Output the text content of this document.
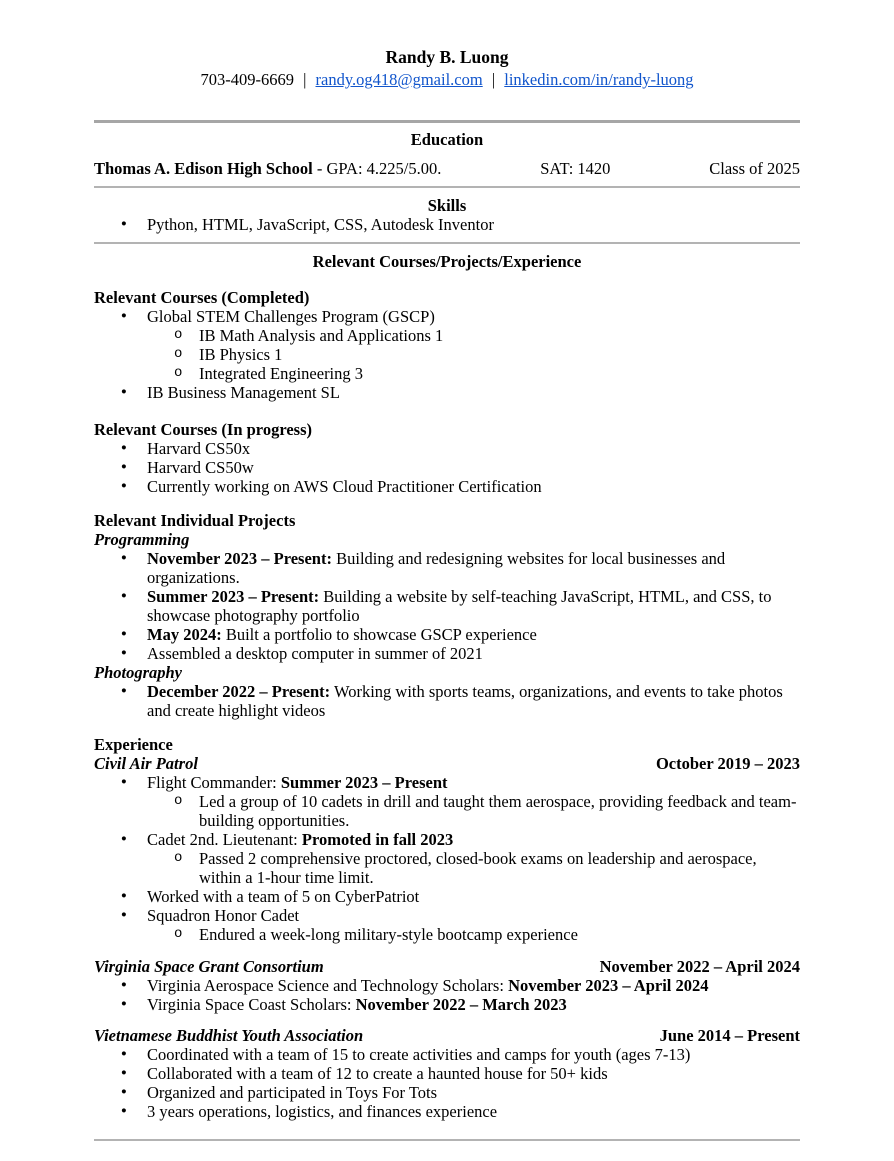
Randy B. Luong
703-409-6669 | randy.og418@gmail.com | linkedin.com/in/randy-luong
Education
Thomas A. Edison High School - GPA: 4.225/5.00.	SAT: 1420	Class of 2025
Skills
● Python, HTML, JavaScript, CSS, Autodesk Inventor
Relevant Courses/Projects/Experience
Relevant Courses (Completed)
● Global STEM Challenges Program (GSCP)
o IB Math Analysis and Applications 1
o IB Physics 1
o Integrated Engineering 3
● IB Business Management SL
Relevant Courses (In progress)
● Harvard CS50x
● Harvard CS50w
● Currently working on AWS Cloud Practitioner Certification
Relevant Individual Projects
Programming
● November 2023 – Present: Building and redesigning websites for local businesses and organizations.
● Summer 2023 – Present: Building a website by self-teaching JavaScript, HTML, and CSS, to showcase photography portfolio
● May 2024: Built a portfolio to showcase GSCP experience
● Assembled a desktop computer in summer of 2021
Photography
● December 2022 – Present: Working with sports teams, organizations, and events to take photos and create highlight videos
Experience
Civil Air Patrol	October 2019 – 2023
● Flight Commander: Summer 2023 – Present
o Led a group of 10 cadets in drill and taught them aerospace, providing feedback and team-building opportunities.
● Cadet 2nd. Lieutenant: Promoted in fall 2023
o Passed 2 comprehensive proctored, closed-book exams on leadership and aerospace, within a 1-hour time limit.
● Worked with a team of 5 on CyberPatriot
● Squadron Honor Cadet
o Endured a week-long military-style bootcamp experience
Virginia Space Grant Consortium	November 2022 – April 2024
● Virginia Aerospace Science and Technology Scholars: November 2023 – April 2024
● Virginia Space Coast Scholars: November 2022 – March 2023
Vietnamese Buddhist Youth Association	June 2014 – Present
● Coordinated with a team of 15 to create activities and camps for youth (ages 7-13)
● Collaborated with a team of 12 to create a haunted house for 50+ kids
● Organized and participated in Toys For Tots
● 3 years operations, logistics, and finances experience
